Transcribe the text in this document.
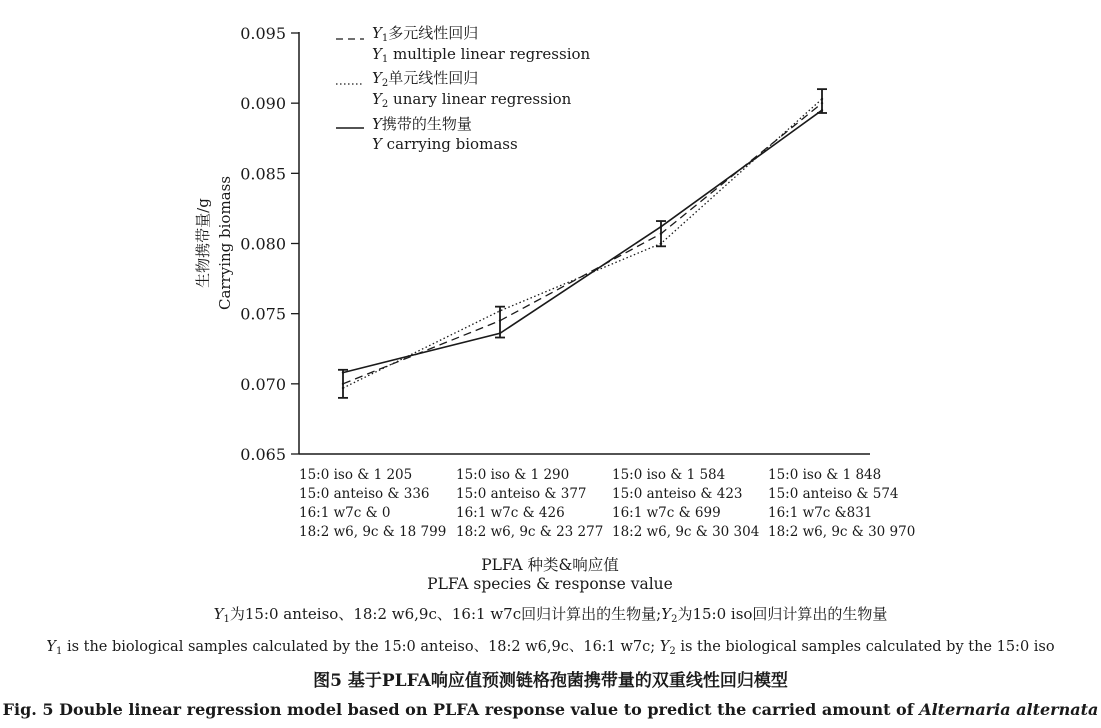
0.095
0.090
0.085
0.080
0.075
0.070
0.065
生物携带量/g Carrying biomass
$Y_1$多元线性回归
$Y_1$ multiple linear regression
$Y_2$单元线性回归
$Y_2$ unary linear regression
Y携带的生物量
Y carrying biomass
15:0 iso & 1 205
15:0 anteiso & 336
16:1 w7c & 0
18:2 w6, 9c & 18 799
15:0 iso & 1 290
15:0 anteiso & 377
16:1 w7c & 426
18:2 w6, 9c & 23 277
15:0 iso & 1 584
15:0 anteiso & 423
16:1 w7c & 699
18:2 w6, 9c & 30 304
15:0 iso & 1 848
15:0 anteiso & 574
16:1 w7c &831
18:2 w6, 9c & 30 970
PLFA 种类&响应值
PLFA species & response value
$Y_1$为15:0 anteiso、18:2 w6,9c、16:1 w7c回归计算出的生物量$;Y_2$为15:0 iso回归计算出的生物量
$Y_1$ is the biological samples calculated by the 15:0 anteiso、18:2 w6,9c、16:1 w7c; $Y_2$ is the biological samples calculated by the 15:0 iso
图5 基于PLFA响应值预测链格孢菌携带量的双重线性回归模型
Fig. 5 Double linear regression model based on PLFA response value to predict the carried amount of Alternaria alternata
